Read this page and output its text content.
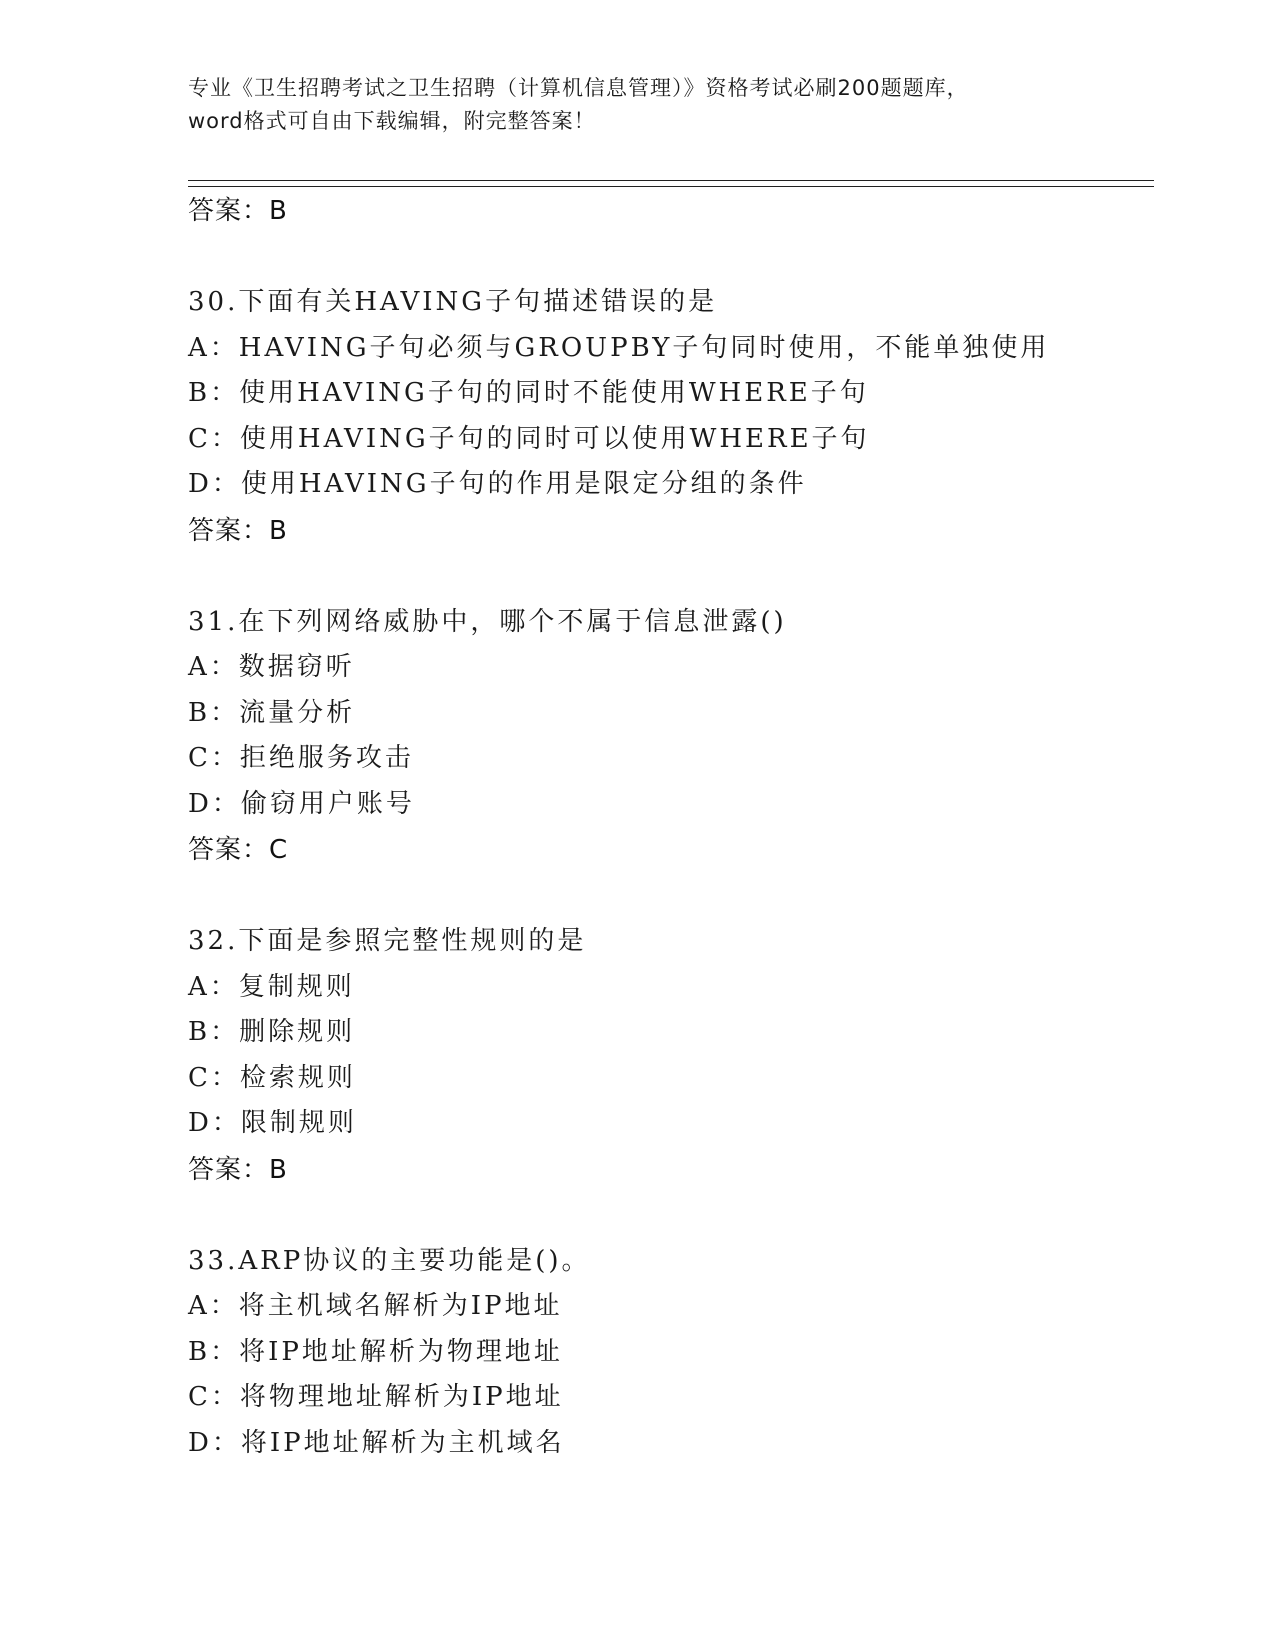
专业《卫生招聘考试之卫生招聘（计算机信息管理）》资格考试必刷200题题库，
word格式可自由下载编辑，附完整答案！
答案：B
30.下面有关HAVING子句描述错误的是
A：HAVING子句必须与GROUPBY子句同时使用，不能单独使用
B：使用HAVING子句的同时不能使用WHERE子句
C：使用HAVING子句的同时可以使用WHERE子句
D：使用HAVING子句的作用是限定分组的条件
答案：B
31.在下列网络威胁中，哪个不属于信息泄露()
A：数据窃听
B：流量分析
C：拒绝服务攻击
D：偷窃用户账号
答案：C
32.下面是参照完整性规则的是
A：复制规则
B：删除规则
C：检索规则
D：限制规则
答案：B
33.ARP协议的主要功能是()。
A：将主机域名解析为IP地址
B：将IP地址解析为物理地址
C：将物理地址解析为IP地址
D：将IP地址解析为主机域名
